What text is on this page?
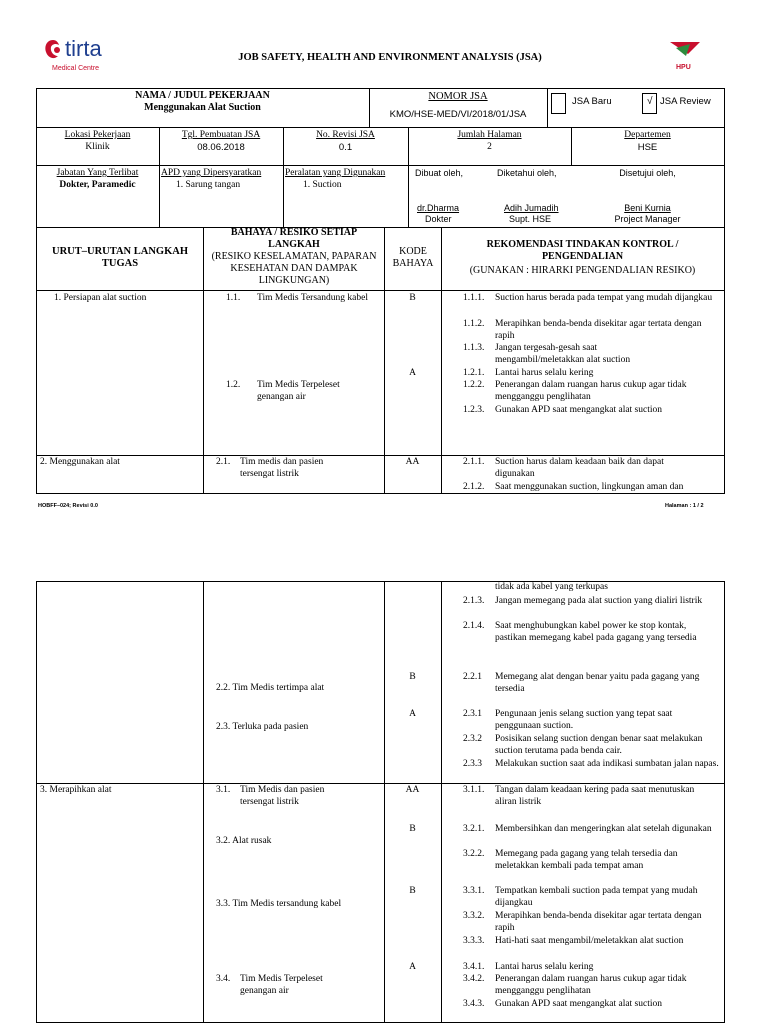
tirta
Medical Centre
JOB SAFETY, HEALTH AND ENVIRONMENT ANALYSIS (JSA)
HPU
NAMA / JUDUL PEKERJAAN
Menggunakan Alat Suction
NOMOR JSA
KMO/HSE-MED/VI/2018/01/JSA
JSA Baru	√ JSA Review
Lokasi Pekerjaan
Klinik
Tgl. Pembuatan JSA
08.06.2018
No. Revisi JSA
0.1
Jumlah Halaman
2
Departemen
HSE
Jabatan Yang Terlibat
Dokter, Paramedic
APD yang Dipersyaratkan
1. Sarung tangan
Peralatan yang Digunakan
1. Suction
Dibuat oleh,	Diketahui oleh,	Disetujui oleh,
dr.Dharma
Dokter
Adih Jumadih
Supt. HSE
Beni Kurnia
Project Manager
URUT–URUTAN LANGKAH TUGAS
BAHAYA / RESIKO SETIAP LANGKAH
(RESIKO KESELAMATAN, PAPARAN KESEHATAN DAN DAMPAK LINGKUNGAN)
KODE BAHAYA
REKOMENDASI TINDAKAN KONTROL / PENGENDALIAN
(GUNAKAN : HIRARKI PENGENDALIAN RESIKO)
1. Persiapan alat suction	1.1. Tim Medis Tersandung kabel	B	1.1.1. Suction harus berada pada tempat yang mudah dijangkau
1.1.2. Merapihkan benda-benda disekitar agar tertata dengan rapih
1.1.3. Jangan tergesah-gesah saat mengambil/meletakkan alat suction
1.2. Tim Medis Terpeleset genangan air
A	1.2.1. Lantai harus selalu kering
1.2.2. Penerangan dalam ruangan harus cukup agar tidak mengganggu penglihatan
1.2.3. Gunakan APD saat mengangkat alat suction
2. Menggunakan alat	2.1. Tim medis dan pasien tersengat listrik
AA	2.1.1. Suction harus dalam keadaan baik dan dapat digunakan
2.1.2. Saat menggunakan suction, lingkungan aman dan
HOBFF–024; Revisi 0.0	Halaman : 1 / 2
tidak ada kabel yang terkupas
2.1.3. Jangan memegang pada alat suction yang dialiri listrik
2.1.4. Saat menghubungkan kabel power ke stop kontak, pastikan memegang kabel pada gagang yang tersedia
2.2. Tim Medis tertimpa alat
B	2.2.1 Memegang alat dengan benar yaitu pada gagang yang tersedia
2.3. Terluka pada pasien
A	2.3.1 Pengunaan jenis selang suction yang tepat saat penggunaan suction.
2.3.2 Posisikan selang suction dengan benar saat melakukan suction terutama pada benda cair.
2.3.3 Melakukan suction saat ada indikasi sumbatan jalan napas.
3. Merapihkan alat	3.1. Tim Medis dan pasien tersengat listrik
AA	3.1.1. Tangan dalam keadaan kering pada saat menutuskan aliran listrik
3.2. Alat rusak
B	3.2.1. Membersihkan dan mengeringkan alat setelah digunakan
3.2.2. Memegang pada gagang yang telah tersedia dan meletakkan kembali pada tempat aman
3.3. Tim Medis tersandung kabel
B	3.3.1. Tempatkan kembali suction pada tempat yang mudah dijangkau
3.3.2. Merapihkan benda-benda disekitar agar tertata dengan rapih
3.3.3. Hati-hati saat mengambil/meletakkan alat suction
3.4. Tim Medis Terpeleset genangan air
A	3.4.1. Lantai harus selalu kering
3.4.2. Penerangan dalam ruangan harus cukup agar tidak mengganggu penglihatan
3.4.3. Gunakan APD saat mengangkat alat suction
